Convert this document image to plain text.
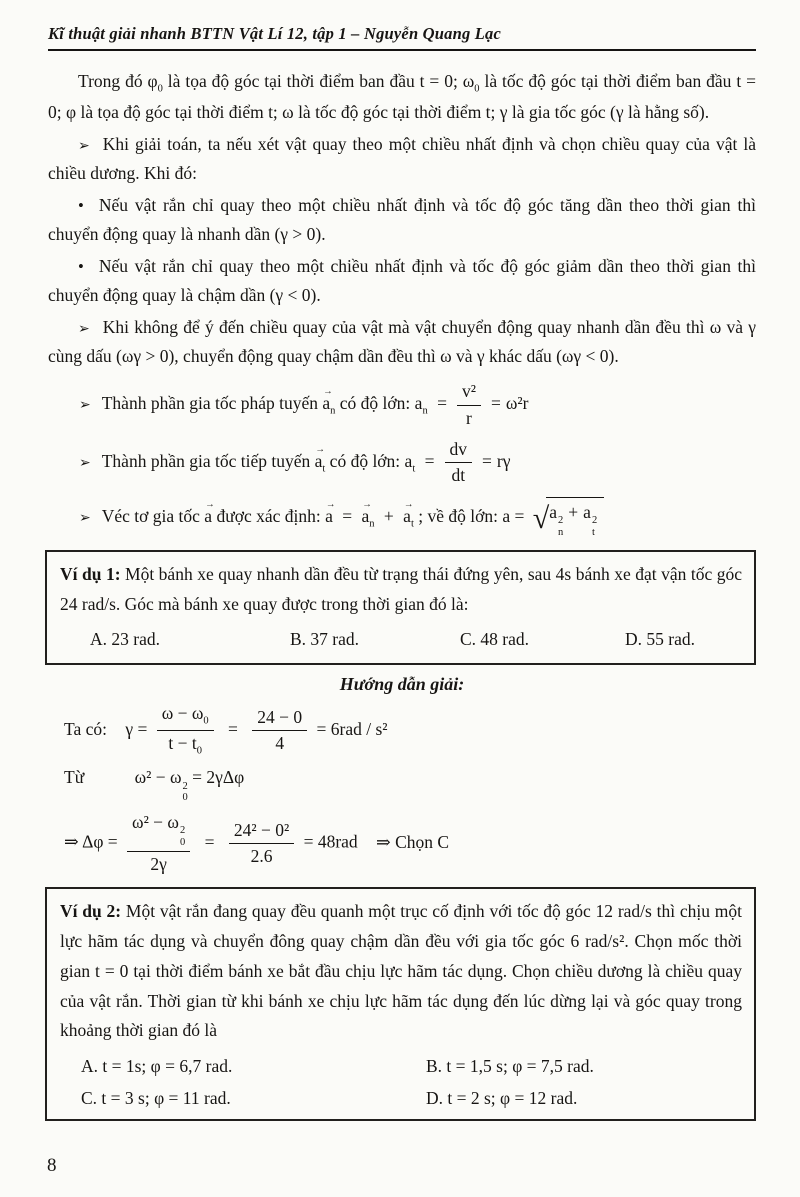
Kĩ thuật giải nhanh BTTN Vật Lí 12, tập 1 – Nguyễn Quang Lạc

Trong đó $\varphi_0$ là tọa độ góc tại thời điểm ban đầu t = 0; $\omega_0$ là tốc độ góc tại thời điểm ban đầu t = 0; φ là tọa độ góc tại thời điểm t; ω là tốc độ góc tại thời điểm t; γ là gia tốc góc (γ là hằng số).

➢ Khi giải toán, ta nếu xét vật quay theo một chiều nhất định và chọn chiều quay của vật là chiều dương. Khi đó:

• Nếu vật rắn chỉ quay theo một chiều nhất định và tốc độ góc tăng dần theo thời gian thì chuyển động quay là nhanh dần (γ > 0).

• Nếu vật rắn chỉ quay theo một chiều nhất định và tốc độ góc giảm dần theo thời gian thì chuyển động quay là chậm dần (γ < 0).

➢ Khi không để ý đến chiều quay của vật mà vật chuyển động quay nhanh dần đều thì ω và γ cùng dấu (ωγ > 0), chuyển động quay chậm dần đều thì ω và γ khác dấu (ωγ < 0).

➢ Thành phần gia tốc pháp tuyến
→
$a_n$ có độ lớn: $a_n = \frac{\text{v²}}{r} = \omega^2r$
➢ Thành phần gia tốc tiếp tuyến
→
$a_t$ có độ lớn: $a_t = \frac{dv}{dt} = r\gamma$
➢ Véc tơ gia tốc
→
a được xác định:
→
a =
→
$a_n$ +
→
$a_t$ ; về độ lớn: a = √a 2
n
+ a 2
t

Ví dụ 1: Một bánh xe quay nhanh dần đều từ trạng thái đứng yên, sau 4s bánh xe đạt vận tốc góc 24 rad/s. Góc mà bánh xe quay được trong thời gian đó là:

A. 23 rad.	B. 37 rad.	C. 48 rad.	D. 55 rad.
Hướng dẫn giải:
Ta có: $\gamma = \frac{\omega - \omega_0}{t - t_0} = \frac{24 - 0}{4} = 6rad / s^2$
Từ	ω² − ω 2
0
= 2γΔφ
⇒ Δφ = ω² − ω 2
0
$2\gamma = \frac{\text{24² − 0²}}{2.6} = 48rad$ ⇒ Chọn C

Ví dụ 2: Một vật rắn đang quay đều quanh một trục cố định với tốc độ góc 12 rad/s thì chịu một lực hãm tác dụng và chuyển đông quay chậm dần đều với gia tốc góc 6 rad/s². Chọn mốc thời gian t = 0 tại thời điểm bánh xe bắt đầu chịu lực hãm tác dụng. Chọn chiều dương là chiều quay của vật rắn. Thời gian từ khi bánh xe chịu lực hãm tác dụng đến lúc dừng lại và góc quay trong khoảng thời gian đó là

A. t = 1s; φ = 6,7 rad.	B. t = 1,5 s; φ = 7,5 rad.
C. t = 3 s; φ = 11 rad.	D. t = 2 s; φ = 12 rad.
8
